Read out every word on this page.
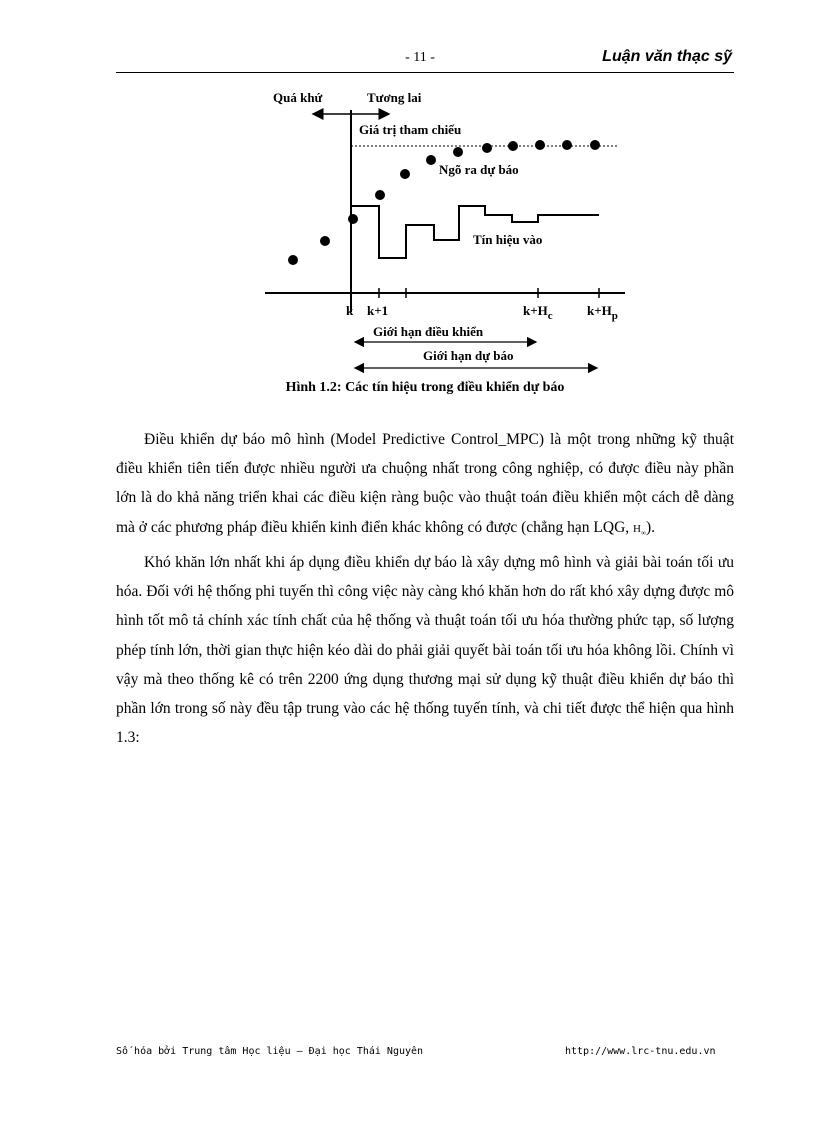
- 11 -	Luận văn thạc sỹ
Quá khứ	Tương lai
Giá trị tham chiếu
Ngõ ra dự báo
Tín hiệu vào
k k+1	$k+H_c$	$k+H_p$
Giới hạn điều khiển
Giới hạn dự báo
Hình 1.2: Các tín hiệu trong điều khiển dự báo

Điều khiển dự báo mô hình (Model Predictive Control_MPC) là một trong những kỹ thuật điều khiển tiên tiến được nhiều người ưa chuộng nhất trong công nghiệp, có được điều này phần lớn là do khả năng triển khai các điều kiện ràng buộc vào thuật toán điều khiển một cách dễ dàng mà ở các phương pháp điều khiển kinh điển khác không có được (chẳng hạn LQG, $H_\infty$).

Khó khăn lớn nhất khi áp dụng điều khiển dự báo là xây dựng mô hình và giải bài toán tối ưu hóa. Đối với hệ thống phi tuyến thì công việc này càng khó khăn hơn do rất khó xây dựng được mô hình tốt mô tả chính xác tính chất của hệ thống và thuật toán tối ưu hóa thường phức tạp, số lượng phép tính lớn, thời gian thực hiện kéo dài do phải giải quyết bài toán tối ưu hóa không lồi. Chính vì vậy mà theo thống kê có trên 2200 ứng dụng thương mại sử dụng kỹ thuật điều khiển dự báo thì phần lớn trong số này đều tập trung vào các hệ thống tuyến tính, và chi tiết được thể hiện qua hình 1.3:

Số hóa bởi Trung tâm Học liệu – Đại học Thái Nguyên	http://www.lrc-tnu.edu.vn
